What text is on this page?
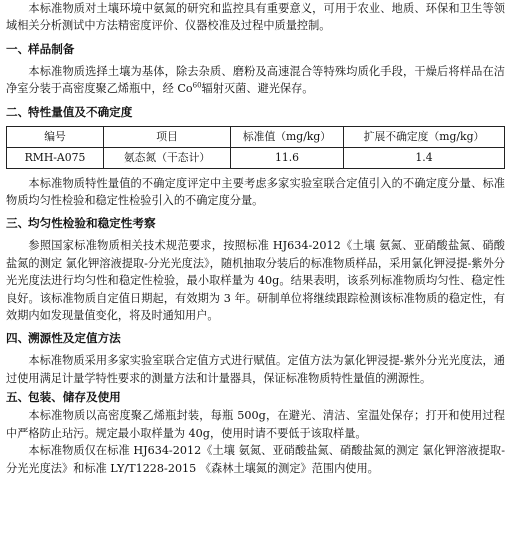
本标准物质对土壤环境中氨氮的研究和监控具有重要意义，可用于农业、地质、环保和卫生等领域相关分析测试中方法精密度评价、仪器校准及过程中质量控制。

一、样品制备

本标准物质选择土壤为基体，除去杂质、磨粉及高速混合等特殊均质化手段，干燥后将样品在洁净室分装于高密度聚乙烯瓶中，经 Co$^{60}$辐射灭菌、避光保存。

二、特性量值及不确定度
编号	项目	标准值（mg/kg）	扩展不确定度（mg/kg）
RMH-A075	氨态氮（干态计）	11.6	1.4

本标准物质特性量值的不确定度评定中主要考虑多家实验室联合定值引入的不确定度分量、标准物质均匀性检验和稳定性检验引入的不确定度分量。

三、均匀性检验和稳定性考察

参照国家标准物质相关技术规范要求，按照标准 HJ634-2012《土壤 氨氮、亚硝酸盐氮、硝酸盐氮的测定 氯化钾溶液提取-分光光度法》，随机抽取分装后的标准物质样品，采用氯化钾浸提-紫外分光光度法进行均匀性和稳定性检验，最小取样量为 40g。结果表明，该系列标准物质均匀性、稳定性良好。该标准物质自定值日期起，有效期为 3 年。研制单位将继续跟踪检测该标准物质的稳定性，有效期内如发现量值变化，将及时通知用户。

四、溯源性及定值方法

本标准物质采用多家实验室联合定值方式进行赋值。定值方法为氯化钾浸提-紫外分光光度法，通过使用满足计量学特性要求的测量方法和计量器具，保证标准物质特性量值的溯源性。

五、包装、储存及使用

本标准物质以高密度聚乙烯瓶封装，每瓶 500g，在避光、清洁、室温处保存；打开和使用过程中严格防止玷污。规定最小取样量为 40g，使用时请不要低于该取样量。

本标准物质仅在标准 HJ634-2012《土壤 氨氮、亚硝酸盐氮、硝酸盐氮的测定 氯化钾溶液提取-分光光度法》和标准 LY/T1228-2015 《森林土壤氮的测定》范围内使用。
